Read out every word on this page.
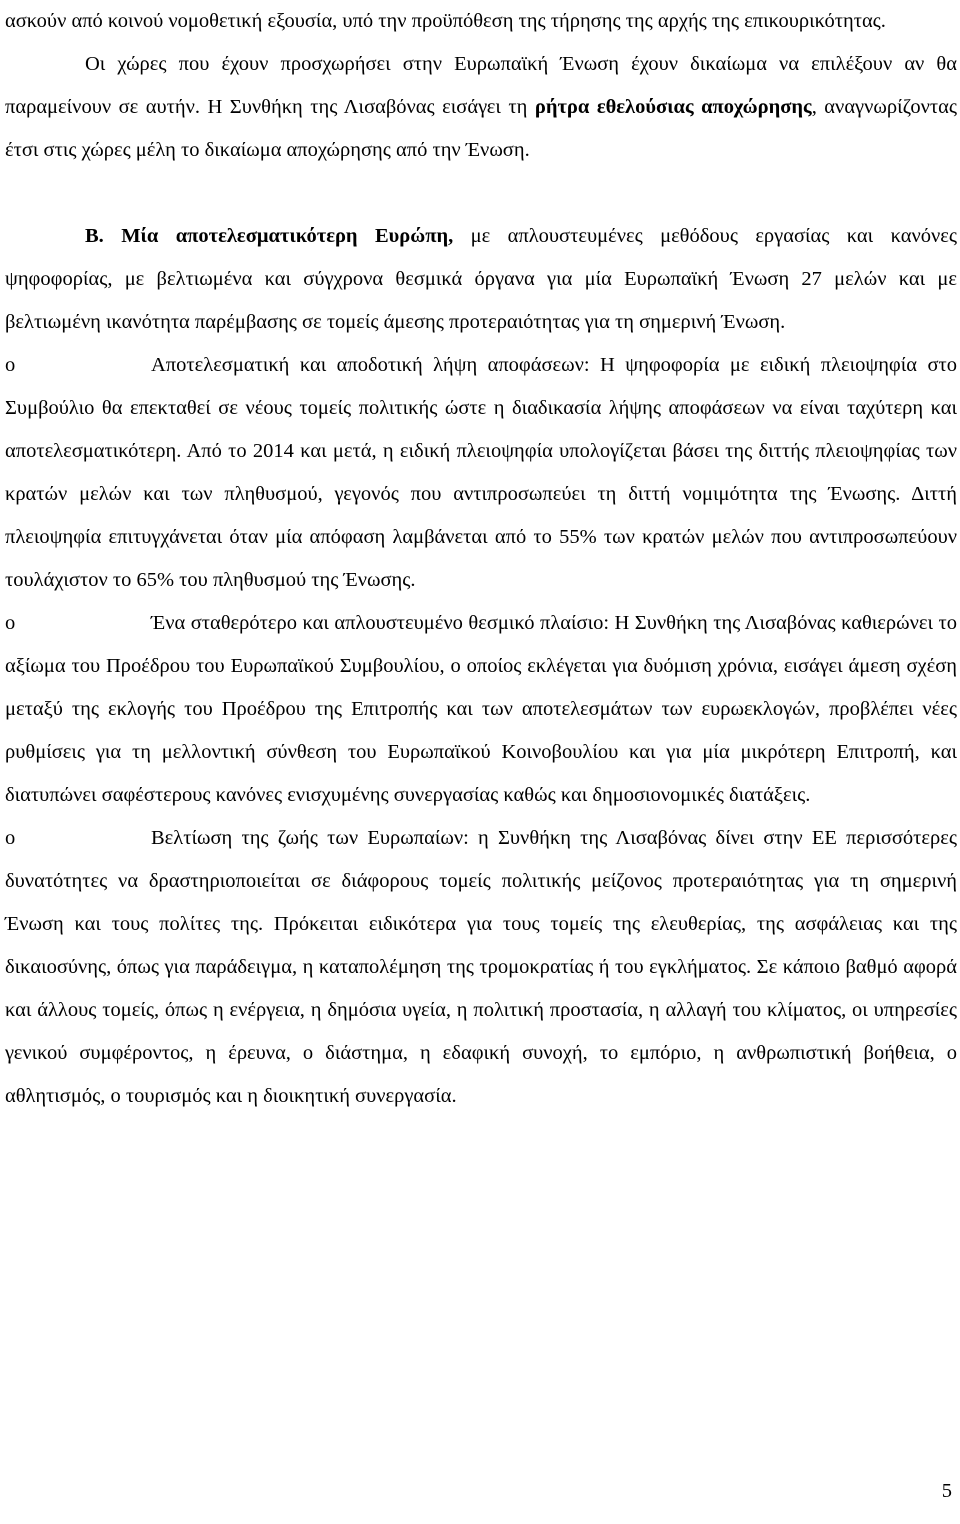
ασκούν από κοινού νομοθετική εξουσία, υπό την προϋπόθεση της τήρησης της αρχής της επικουρικότητας.

Οι χώρες που έχουν προσχωρήσει στην Ευρωπαϊκή Ένωση έχουν δικαίωμα να επιλέξουν αν θα παραμείνουν σε αυτήν. Η Συνθήκη της Λισαβόνας εισάγει τη ρήτρα εθελούσιας αποχώρησης, αναγνωρίζοντας έτσι στις χώρες μέλη το δικαίωμα αποχώρησης από την Ένωση.

Β. Μία αποτελεσματικότερη Ευρώπη, με απλουστευμένες μεθόδους εργασίας και κανόνες ψηφοφορίας, με βελτιωμένα και σύγχρονα θεσμικά όργανα για μία Ευρωπαϊκή Ένωση 27 μελών και με βελτιωμένη ικανότητα παρέμβασης σε τομείς άμεσης προτεραιότητας για τη σημερινή Ένωση.

o	Αποτελεσματική και αποδοτική λήψη αποφάσεων: Η ψηφοφορία με ειδική πλειοψηφία στο Συμβούλιο θα επεκταθεί σε νέους τομείς πολιτικής ώστε η διαδικασία λήψης αποφάσεων να είναι ταχύτερη και αποτελεσματικότερη. Από το 2014 και μετά, η ειδική πλειοψηφία υπολογίζεται βάσει της διττής πλειοψηφίας των κρατών μελών και των πληθυσμού, γεγονός που αντιπροσωπεύει τη διττή νομιμότητα της Ένωσης. Διττή πλειοψηφία επιτυγχάνεται όταν μία απόφαση λαμβάνεται από το 55% των κρατών μελών που αντιπροσωπεύουν τουλάχιστον το 65% του πληθυσμού της Ένωσης.

o	Ένα σταθερότερο και απλουστευμένο θεσμικό πλαίσιο: Η Συνθήκη της Λισαβόνας καθιερώνει το αξίωμα του Προέδρου του Ευρωπαϊκού Συμβουλίου, ο οποίος εκλέγεται για δυόμιση χρόνια, εισάγει άμεση σχέση μεταξύ της εκλογής του Προέδρου της Επιτροπής και των αποτελεσμάτων των ευρωεκλογών, προβλέπει νέες ρυθμίσεις για τη μελλοντική σύνθεση του Ευρωπαϊκού Κοινοβουλίου και για μία μικρότερη Επιτροπή, και διατυπώνει σαφέστερους κανόνες ενισχυμένης συνεργασίας καθώς και δημοσιονομικές διατάξεις.

o	Βελτίωση της ζωής των Ευρωπαίων: η Συνθήκη της Λισαβόνας δίνει στην ΕΕ περισσότερες δυνατότητες να δραστηριοποιείται σε διάφορους τομείς πολιτικής μείζονος προτεραιότητας για τη σημερινή Ένωση και τους πολίτες της. Πρόκειται ειδικότερα για τους τομείς της ελευθερίας, της ασφάλειας και της δικαιοσύνης, όπως για παράδειγμα, η καταπολέμηση της τρομοκρατίας ή του εγκλήματος. Σε κάποιο βαθμό αφορά και άλλους τομείς, όπως η ενέργεια, η δημόσια υγεία, η πολιτική προστασία, η αλλαγή του κλίματος, οι υπηρεσίες γενικού συμφέροντος, η έρευνα, ο διάστημα, η εδαφική συνοχή, το εμπόριο, η ανθρωπιστική βοήθεια, ο αθλητισμός, ο τουρισμός και η διοικητική συνεργασία.

5
